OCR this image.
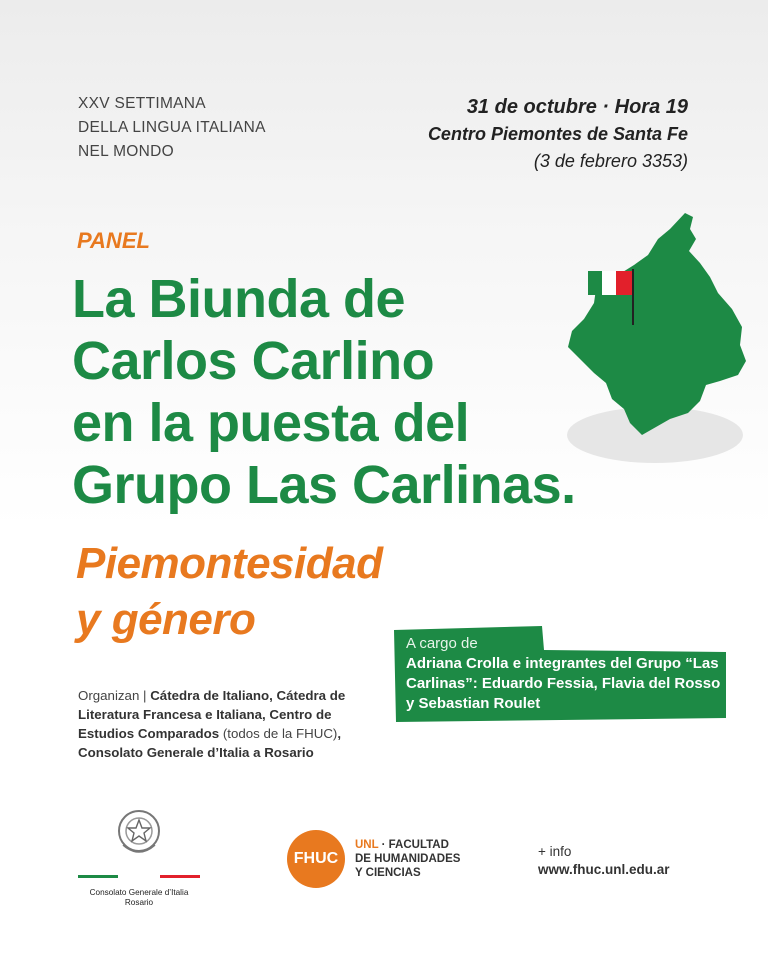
XXV SETTIMANA
DELLA LINGUA ITALIANA
NEL MONDO
31 de octubre · Hora 19
Centro Piemontes de Santa Fe
(3 de febrero 3353)
PANEL
La Biunda de
Carlos Carlino
en la puesta del
Grupo Las Carlinas.
Piemontesidad
y género
Organizan | Cátedra de Italiano, Cátedra de Literatura Francesa e Italiana, Centro de Estudios Comparados (todos de la FHUC), Consolato Generale d’Italia a Rosario
A cargo de
Adriana Crolla e integrantes del Grupo “Las Carlinas”: Eduardo Fessia, Flavia del Rosso y Sebastian Roulet

Consolato Generale d’Italia
Rosario
FHUC
UNL · FACULTAD
DE HUMANIDADES
Y CIENCIAS
+ info
www.fhuc.unl.edu.ar
